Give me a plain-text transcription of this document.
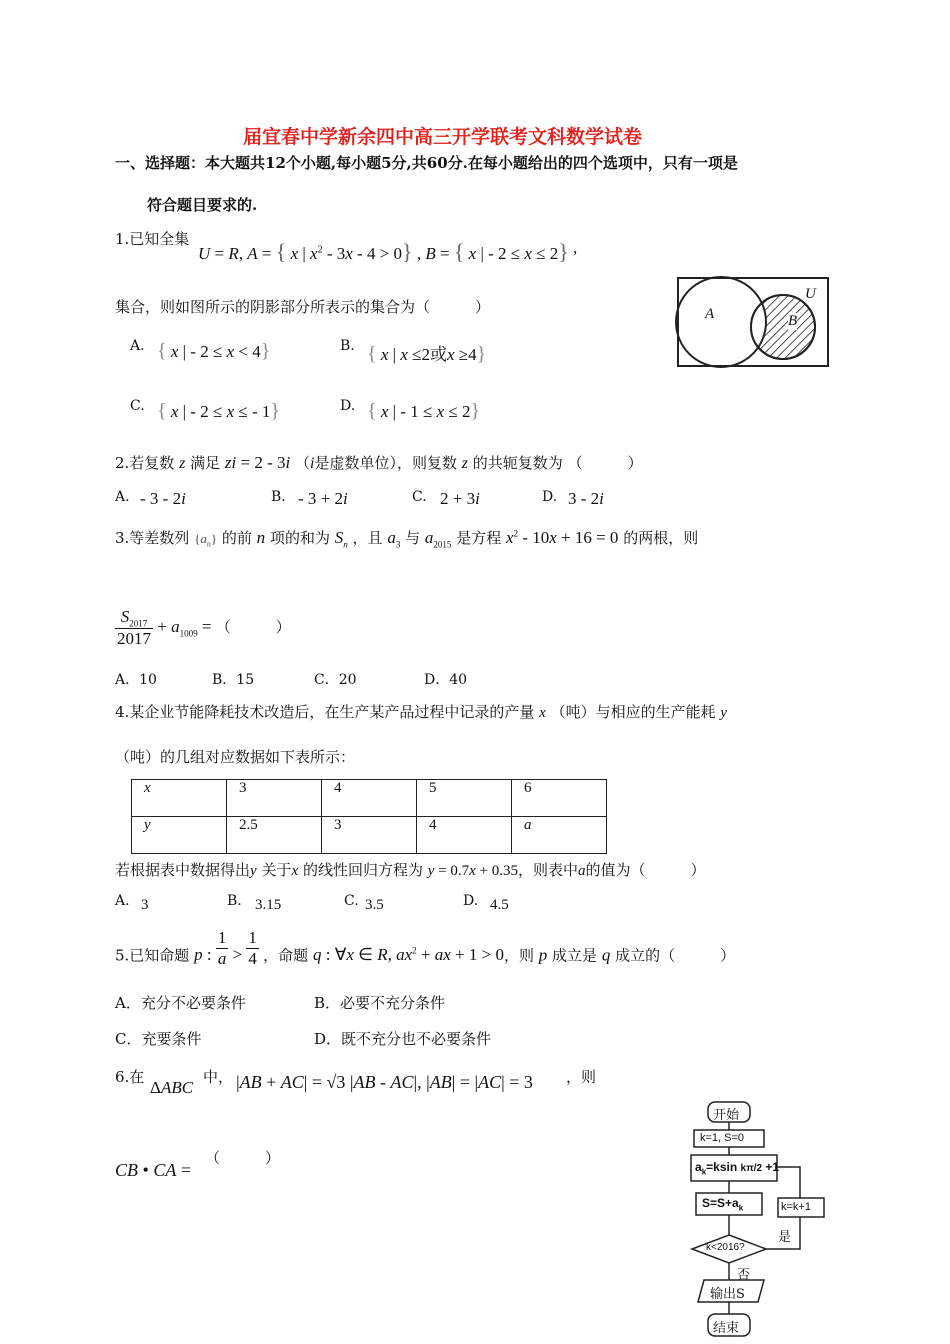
届宜春中学新余四中高三开学联考文科数学试卷
一、选择题：本大题共12个小题,每小题5分,共60分.在每小题给出的四个选项中，只有一项是
符合题目要求的.
1.已知全集
U = R, A = { x | $x^2 - 3x - 4 > 0$} , B = { x | - 2 ≤ x ≤ 2} ,
集合，则如图所示的阴影部分所表示的集合为（　　　）
U
A	B
A. { x | - 2 ≤ x < 4}	B. { x | x ≤2或x ≥4}
C. { x | - 2 ≤ x ≤ - 1}	D. { x | - 1 ≤ x ≤ 2}
2.若复数 z 满足 zi = 2 - 3i （i是虚数单位），则复数 z 的共轭复数为 （　　　）
A. - 3 - 2i	B. - 3 + 2i	C. 2 + 3i	D. 3 - 2i
3.等差数列 $\{a_n\}$ 的前 n 项的和为 $S_n$ ，且 $a_3$ 与 $a_{2015}$ 是方程 $x^2 - 10x + 16 = 0$ 的两根，则
$\frac{S_{2017}}{2017} + a_{1009}$ = （　　　）
A．10	B．15	C．20	D．40
4.某企业节能降耗技术改造后，在生产某产品过程中记录的产量 x （吨）与相应的生产能耗 y
（吨）的几组对应数据如下表所示：
x	3	4	5	6
y	2.5	3	4	a
若根据表中数据得出y 关于x 的线性回归方程为 y = 0.7x + 0.35，则表中a的值为（　　　）
A. 3	B. 3.15	C. 3.5	D. 4.5
5.已知命题 p : $\frac{1}{a} > \frac{1}{4}$ ，命题 q : ∀x ∈ R, $ax^2$ + ax + 1 > 0，则 p 成立是 q 成立的（　　　）
A．充分不必要条件	B．必要不充分条件
C．充要条件	D．既不充分也不必要条件
6.在
ΔABC
中， |AB + AC| = √3 |AB - AC|, |AB| = |AC| = 3 ，则
CB • CA =
（　　　）
开始
k=1, S=0
$a_k=ksin$ kπ/2 +1
$S=S+a_k$
k<2016?
是
否
k=k+1
输出S
结束
